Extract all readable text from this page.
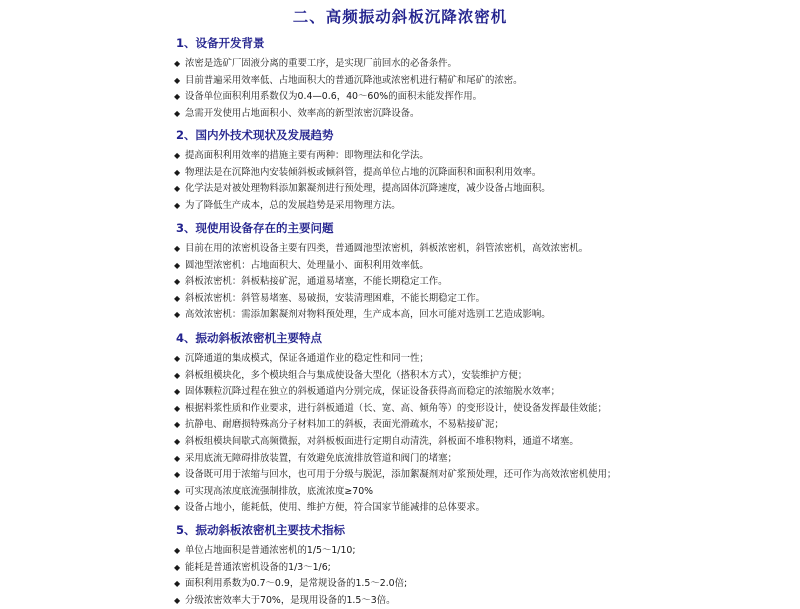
二、高频振动斜板沉降浓密机
1、设备开发背景
◆ 浓密是选矿厂固液分离的重要工序，是实现厂前回水的必备条件。
◆ 目前普遍采用效率低、占地面积大的普通沉降池或浓密机进行精矿和尾矿的浓密。
◆ 设备单位面积利用系数仅为0.4—0.6，40～60%的面积未能发挥作用。
◆ 急需开发使用占地面积小、效率高的新型浓密沉降设备。
2、国内外技术现状及发展趋势
◆ 提高面积利用效率的措施主要有两种：即物理法和化学法。
◆ 物理法是在沉降池内安装倾斜板或倾斜管，提高单位占地的沉降面积和面积利用效率。
◆ 化学法是对被处理物料添加絮凝剂进行预处理，提高固体沉降速度，减少设备占地面积。
◆ 为了降低生产成本，总的发展趋势是采用物理方法。
3、现使用设备存在的主要问题
◆ 目前在用的浓密机设备主要有四类，普通圆池型浓密机，斜板浓密机，斜管浓密机，高效浓密机。
◆ 圆池型浓密机：占地面积大、处理量小、面积利用效率低。
◆ 斜板浓密机：斜板粘接矿泥，通道易堵塞，不能长期稳定工作。
◆ 斜板浓密机：斜管易堵塞、易破损，安装清理困难，不能长期稳定工作。
◆ 高效浓密机：需添加絮凝剂对物料预处理，生产成本高，回水可能对选别工艺造成影响。
4、振动斜板浓密机主要特点
◆ 沉降通道的集成模式，保证各通道作业的稳定性和同一性；
◆ 斜板组模块化，多个模块组合与集成使设备大型化（搭积木方式），安装维护方便；
◆ 固体颗粒沉降过程在独立的斜板通道内分别完成，保证设备获得高而稳定的浓缩脱水效率；
◆ 根据料浆性质和作业要求，进行斜板通道（长、宽、高、倾角等）的变形设计，使设备发挥最佳效能；
◆ 抗静电、耐磨损特殊高分子材料加工的斜板，表面光滑疏水，不易粘接矿泥；
◆ 斜板组模块间歇式高频微振，对斜板板面进行定期自动清洗，斜板面不堆积物料，通道不堵塞。
◆ 采用底流无障碍排放装置，有效避免底流排放管道和阀门的堵塞；
◆ 设备既可用于浓缩与回水，也可用于分级与脱泥，添加絮凝剂对矿浆预处理，还可作为高效浓密机使用；
◆ 可实现高浓度底流强制排放，底流浓度≥70%
◆ 设备占地小，能耗低，使用、维护方便，符合国家节能减排的总体要求。
5、振动斜板浓密机主要技术指标
◆ 单位占地面积是普通浓密机的1/5～1/10;
◆ 能耗是普通浓密机设备的1/3～1/6;
◆ 面积利用系数为0.7～0.9，是常规设备的1.5～2.0倍;
◆ 分级浓密效率大于70%，是现用设备的1.5～3倍。
